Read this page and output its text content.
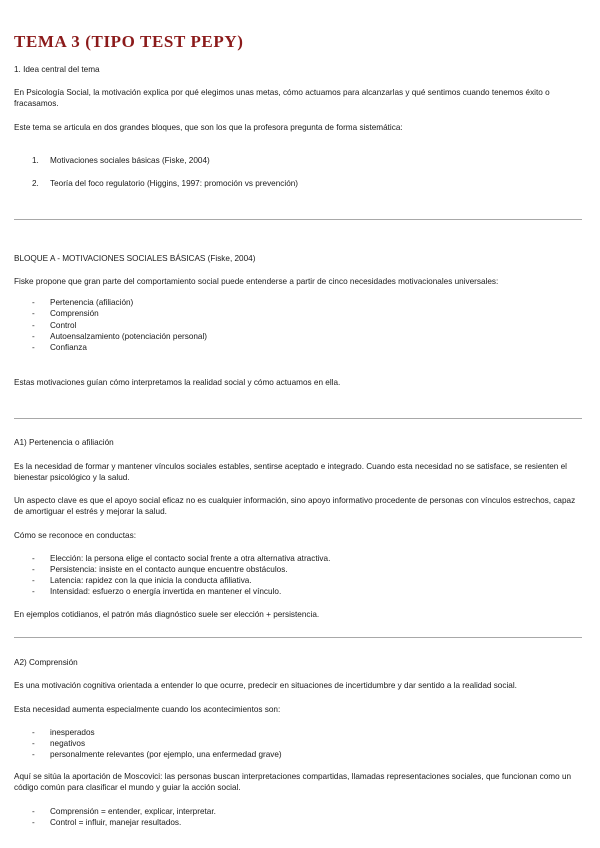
TEMA 3 (TIPO TEST PEPY)
1. Idea central del tema
En Psicología Social, la motivación explica por qué elegimos unas metas, cómo actuamos para alcanzarlas y qué sentimos cuando tenemos éxito o fracasamos.
Este tema se articula en dos grandes bloques, que son los que la profesora pregunta de forma sistemática:
1. Motivaciones sociales básicas (Fiske, 2004)
2. Teoría del foco regulatorio (Higgins, 1997: promoción vs prevención)
BLOQUE A - MOTIVACIONES SOCIALES BÁSICAS (Fiske, 2004)
Fiske propone que gran parte del comportamiento social puede entenderse a partir de cinco necesidades motivacionales universales:
- Pertenencia (afiliación)
- Comprensión
- Control
- Autoensalzamiento (potenciación personal)
- Confianza
Estas motivaciones guían cómo interpretamos la realidad social y cómo actuamos en ella.
A1) Pertenencia o afiliación
Es la necesidad de formar y mantener vínculos sociales estables, sentirse aceptado e integrado. Cuando esta necesidad no se satisface, se resienten el bienestar psicológico y la salud.
Un aspecto clave es que el apoyo social eficaz no es cualquier información, sino apoyo informativo procedente de personas con vínculos estrechos, capaz de amortiguar el estrés y mejorar la salud.
Cómo se reconoce en conductas:
- Elección: la persona elige el contacto social frente a otra alternativa atractiva.
- Persistencia: insiste en el contacto aunque encuentre obstáculos.
- Latencia: rapidez con la que inicia la conducta afiliativa.
- Intensidad: esfuerzo o energía invertida en mantener el vínculo.
En ejemplos cotidianos, el patrón más diagnóstico suele ser elección + persistencia.
A2) Comprensión
Es una motivación cognitiva orientada a entender lo que ocurre, predecir en situaciones de incertidumbre y dar sentido a la realidad social.
Esta necesidad aumenta especialmente cuando los acontecimientos son:
- inesperados
- negativos
- personalmente relevantes (por ejemplo, una enfermedad grave)
Aquí se sitúa la aportación de Moscovici: las personas buscan interpretaciones compartidas, llamadas representaciones sociales, que funcionan como un código común para clasificar el mundo y guiar la acción social.
- Comprensión = entender, explicar, interpretar.
- Control = influir, manejar resultados.
